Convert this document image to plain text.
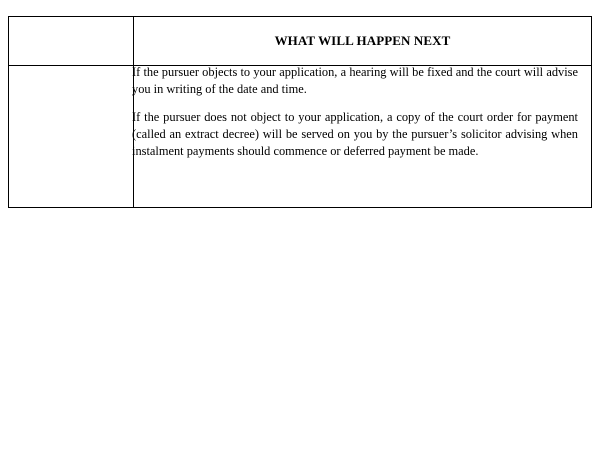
WHAT WILL HAPPEN NEXT

If the pursuer objects to your application, a hearing will be fixed and the court will advise you in writing of the date and time.

If the pursuer does not object to your application, a copy of the court order for payment (called an extract decree) will be served on you by the pursuer’s solicitor advising when instalment payments should commence or deferred payment be made.
